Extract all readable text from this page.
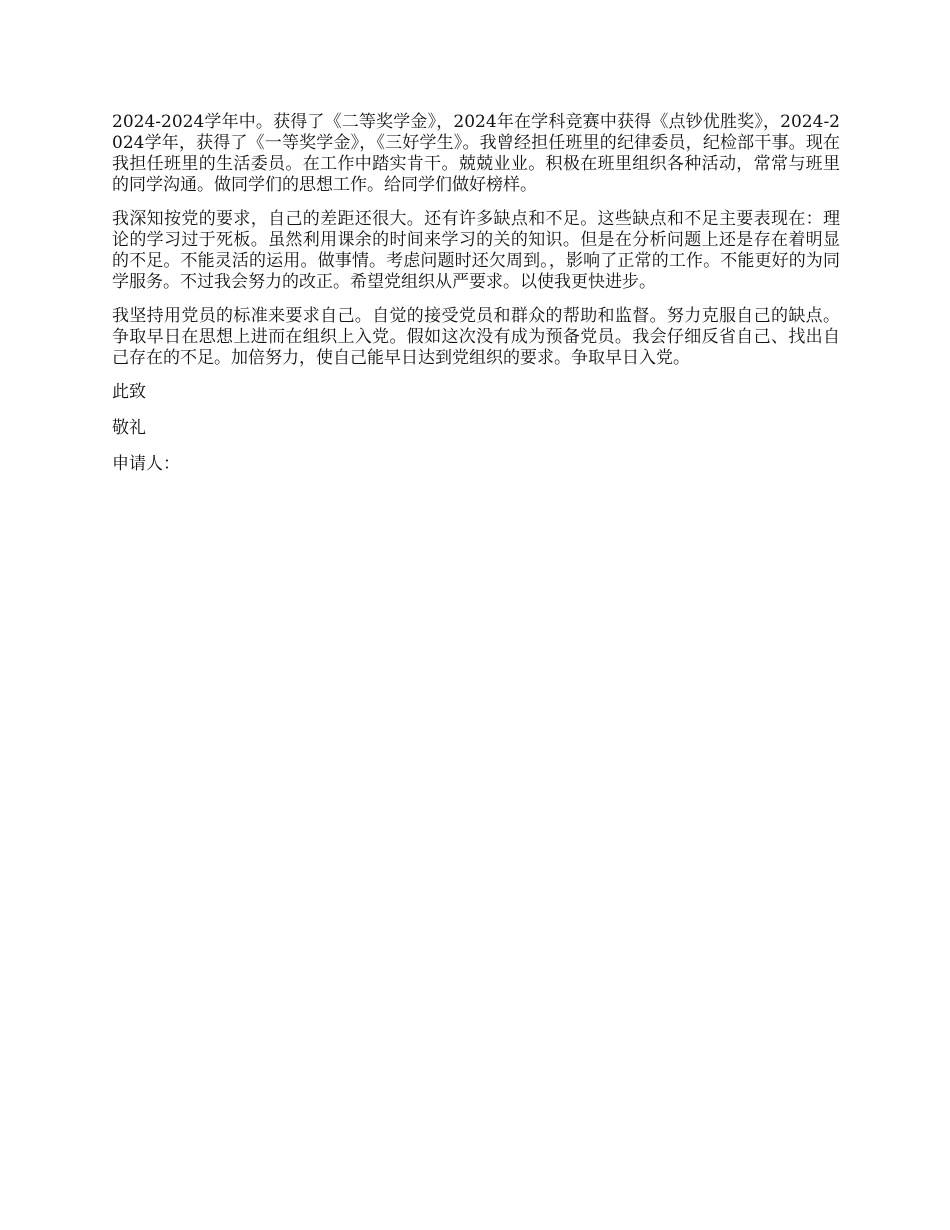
2024-2024学年中。获得了《二等奖学金》，2024年在学科竞赛中获得《点钞优胜奖》，2024-2024学年，获得了《一等奖学金》，《三好学生》。我曾经担任班里的纪律委员，纪检部干事。现在我担任班里的生活委员。在工作中踏实肯干。兢兢业业。积极在班里组织各种活动，常常与班里的同学沟通。做同学们的思想工作。给同学们做好榜样。

我深知按党的要求，自己的差距还很大。还有许多缺点和不足。这些缺点和不足主要表现在：理论的学习过于死板。虽然利用课余的时间来学习的关的知识。但是在分析问题上还是存在着明显的不足。不能灵活的运用。做事情。考虑问题时还欠周到。，影响了正常的工作。不能更好的为同学服务。不过我会努力的改正。希望党组织从严要求。以使我更快进步。

我坚持用党员的标准来要求自己。自觉的接受党员和群众的帮助和监督。努力克服自己的缺点。争取早日在思想上进而在组织上入党。假如这次没有成为预备党员。我会仔细反省自己、找出自己存在的不足。加倍努力，使自己能早日达到党组织的要求。争取早日入党。

此致

敬礼

申请人：
